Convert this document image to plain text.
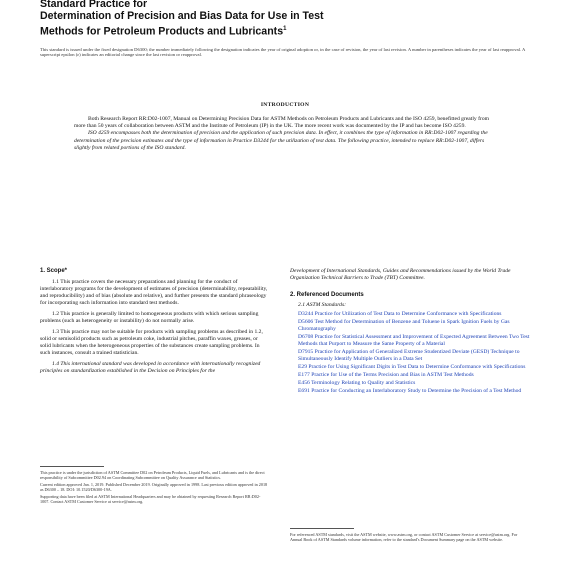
Standard Practice for
Determination of Precision and Bias Data for Use in Test
Methods for Petroleum Products and Lubricants$^1$
This standard is issued under the fixed designation D6300; the number immediately following the designation indicates the year of original adoption or, in the case of revision, the year of last revision. A number in parentheses indicates the year of last reapproval. A superscript epsilon (ε) indicates an editorial change since the last revision or reapproval.
INTRODUCTION

Both Research Report RR:D02-1007, Manual on Determining Precision Data for ASTM Methods on Petroleum Products and Lubricants and the ISO 4259, benefitted greatly from more than 50 years of collaboration between ASTM and the Institute of Petroleum (IP) in the UK. The more recent work was documented by the IP and has become ISO 4259.

ISO 4259 encompasses both the determination of precision and the application of such precision data. In effect, it combines the type of information in RR:D02-1007 regarding the determination of the precision estimates and the type of information in Practice D3244 for the utilization of test data. The following practice, intended to replace RR:D02-1007, differs slightly from related portions of the ISO standard.

1. Scope*

1.1 This practice covers the necessary preparations and planning for the conduct of interlaboratory programs for the development of estimates of precision (determinability, repeatability, and reproducibility) and of bias (absolute and relative), and further presents the standard phraseology for incorporating such information into standard test methods.

1.2 This practice is generally limited to homogeneous products with which serious sampling problems (such as heterogeneity or instability) do not normally arise.

1.3 This practice may not be suitable for products with sampling problems as described in 1.2, solid or semisolid products such as petroleum coke, industrial pitches, paraffin waxes, greases, or solid lubricants when the heterogeneous properties of the substances create sampling problems. In such instances, consult a trained statistician.

1.4 This international standard was developed in accordance with internationally recognized principles on standardization established in the Decision on Principles for the

Development of International Standards, Guides and Recommendations issued by the World Trade Organization Technical Barriers to Trade (TBT) Committee.

2. Referenced Documents
2.1 ASTM Standards:
D3244 Practice for Utilization of Test Data to Determine Conformance with Specifications
D5606 Test Method for Determination of Benzene and Toluene in Spark Ignition Fuels by Gas Chromatography
D6708 Practice for Statistical Assessment and Improvement of Expected Agreement Between Two Test Methods that Purport to Measure the Same Property of a Material
D7915 Practice for Application of Generalized Extreme Studentized Deviate (GESD) Technique to Simultaneously Identify Multiple Outliers in a Data Set
E29 Practice for Using Significant Digits in Test Data to Determine Conformance with Specifications
E177 Practice for Use of the Terms Precision and Bias in ASTM Test Methods
E456 Terminology Relating to Quality and Statistics
E691 Practice for Conducting an Interlaboratory Study to Determine the Precision of a Test Method

This practice is under the jurisdiction of ASTM Committee D02 on Petroleum Products, Liquid Fuels, and Lubricants and is the direct responsibility of Subcommittee D02.94 on Coordinating Subcommittee on Quality Assurance and Statistics.

Current edition approved Jan. 1, 2019. Published December 2019. Originally approved in 1998. Last previous edition approved in 2018 as D6300 – 18. DOI: 10.1520/D6300-19A.

Supporting data have been filed at ASTM International Headquarters and may be obtained by requesting Research Report RR:D02-1007. Contact ASTM Customer Service at service@astm.org.

For referenced ASTM standards, visit the ASTM website, www.astm.org, or contact ASTM Customer Service at service@astm.org. For Annual Book of ASTM Standards volume information, refer to the standard's Document Summary page on the ASTM website.
